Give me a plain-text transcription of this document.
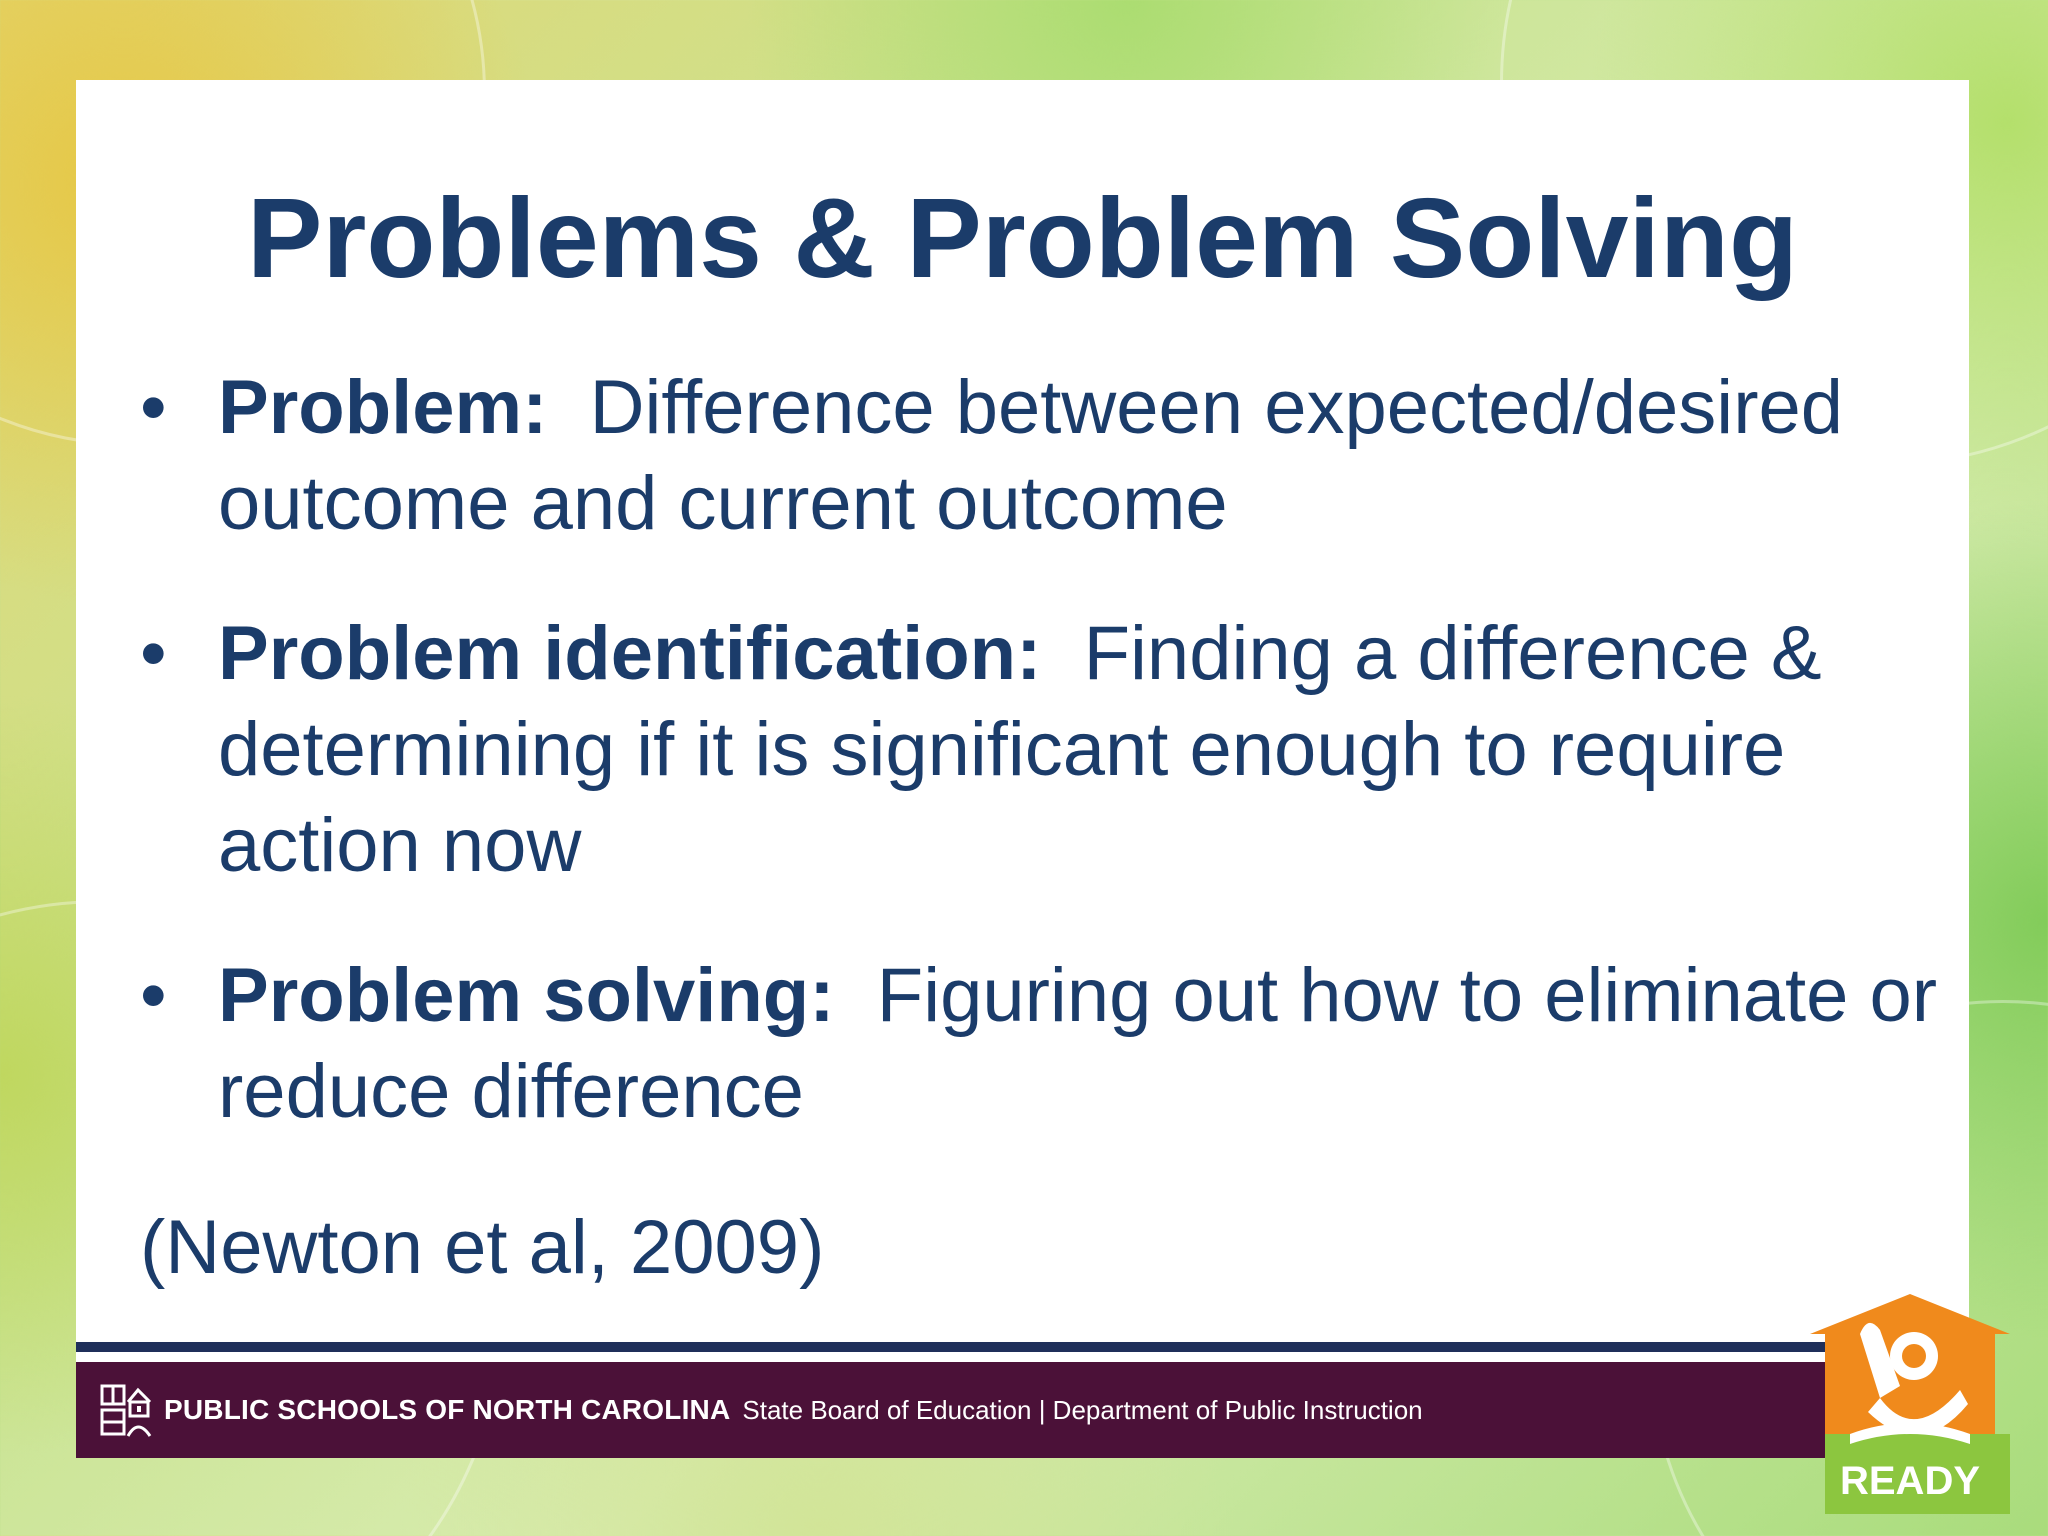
Problems & Problem Solving
• Problem: Difference between expected/desired outcome and current outcome
• Problem identification: Finding a difference & determining if it is significant enough to require action now
• Problem solving: Figuring out how to eliminate or reduce difference
(Newton et al, 2009)
PUBLIC SCHOOLS OF NORTH CAROLINA State Board of Education | Department of Public Instruction
READY
